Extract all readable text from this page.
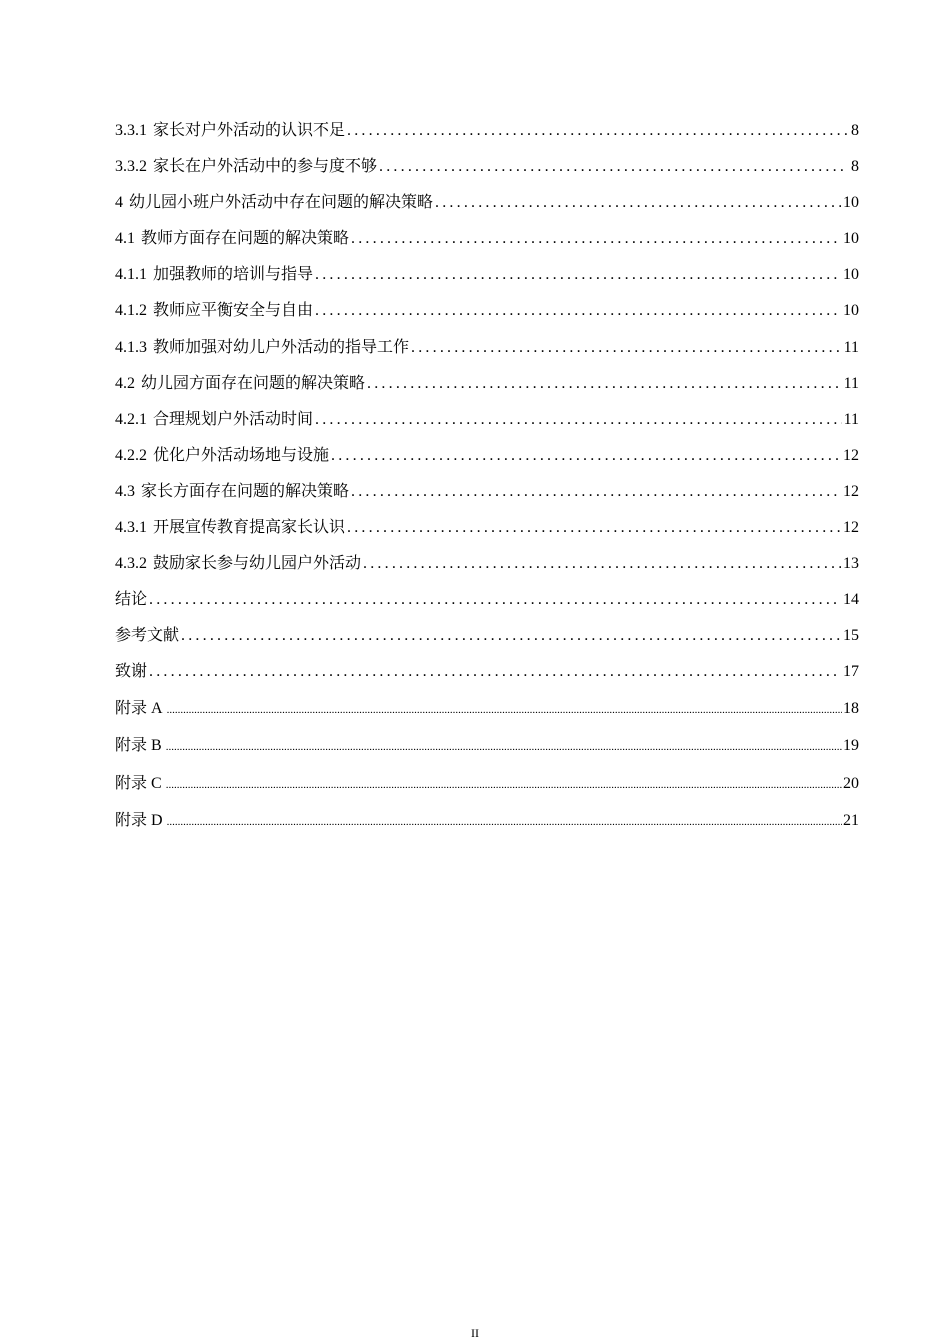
3.3.1 家长对户外活动的认识不足 .....	8
3.3.2 家长在户外活动中的参与度不够 .....	8
4 幼儿园小班户外活动中存在问题的解决策略 .....	10
4.1 教师方面存在问题的解决策略 .....	10
4.1.1 加强教师的培训与指导 .....	10
4.1.2 教师应平衡安全与自由 .....	10
4.1.3 教师加强对幼儿户外活动的指导工作 .....	11
4.2 幼儿园方面存在问题的解决策略 .....	11
4.2.1 合理规划户外活动时间 .....	11
4.2.2 优化户外活动场地与设施 .....	12
4.3 家长方面存在问题的解决策略 .....	12
4.3.1 开展宣传教育提高家长认识 .....	12
4.3.2 鼓励家长参与幼儿园户外活动 .....	13
结论 .....	14
参考文献 .....	15
致谢 .....	17
附录 A .....	18
附录 B .....	19
附录 C .....	20
附录 D .....	21
II
